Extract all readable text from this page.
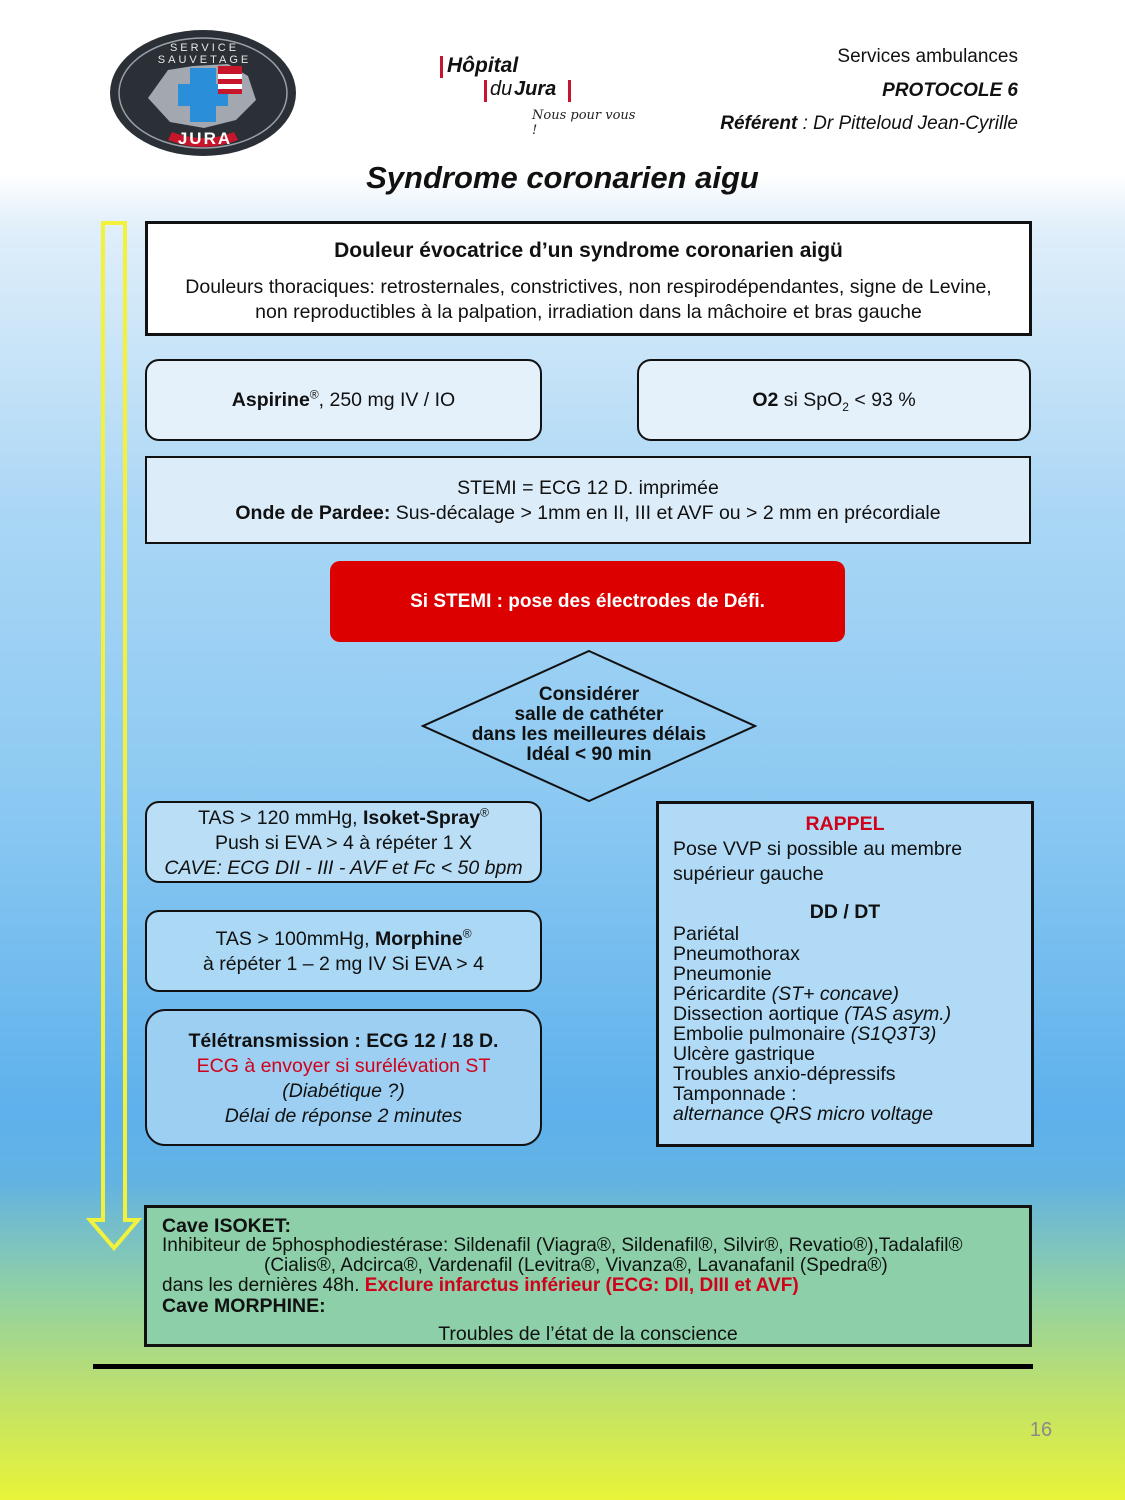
JURA
SERVICE SAUVETAGE	Hôpital
du Jura
Nous pour vous !
Services ambulances
PROTOCOLE 6
Référent : Dr Pitteloud Jean-Cyrille
Syndrome coronarien aigu
Douleur évocatrice d’un syndrome coronarien aigü
Douleurs thoraciques: retrosternales, constrictives, non respirodépendantes, signe de Levine,
non reproductibles à la palpation, irradiation dans la mâchoire et bras gauche
Aspirine®, 250 mg IV / IO	O2 si SpO$_2$ < 93 %
STEMI = ECG 12 D. imprimée
Onde de Pardee: Sus-décalage > 1mm en II, III et AVF ou > 2 mm en précordiale
Si STEMI : pose des électrodes de Défi.
Considérer
salle de cathéter
dans les meilleures délais
Idéal < 90 min
TAS > 120 mmHg, Isoket-Spray®
Push si EVA > 4 à répéter 1 X
CAVE: ECG DII - III - AVF et Fc < 50 bpm
TAS > 100mmHg, Morphine®
à répéter 1 – 2 mg IV Si EVA > 4
Télétransmission : ECG 12 / 18 D.
ECG à envoyer si surélévation ST
(Diabétique ?)
Délai de réponse 2 minutes
RAPPEL
Pose VVP si possible au membre
supérieur gauche
DD / DT
Pariétal
Pneumothorax
Pneumonie
Péricardite (ST+ concave)
Dissection aortique (TAS asym.)
Embolie pulmonaire (S1Q3T3)
Ulcère gastrique
Troubles anxio-dépressifs
Tamponnade :
alternance QRS micro voltage
Cave ISOKET:
Inhibiteur de 5phosphodiestérase: Sildenafil (Viagra®, Sildenafil®, Silvir®, Revatio®),Tadalafil®
(Cialis®, Adcirca®, Vardenafil (Levitra®, Vivanza®, Lavanafanil (Spedra®)
dans les dernières 48h. Exclure infarctus inférieur (ECG: DII, DIII et AVF)
Cave MORPHINE:
Troubles de l’état de la conscience
16
